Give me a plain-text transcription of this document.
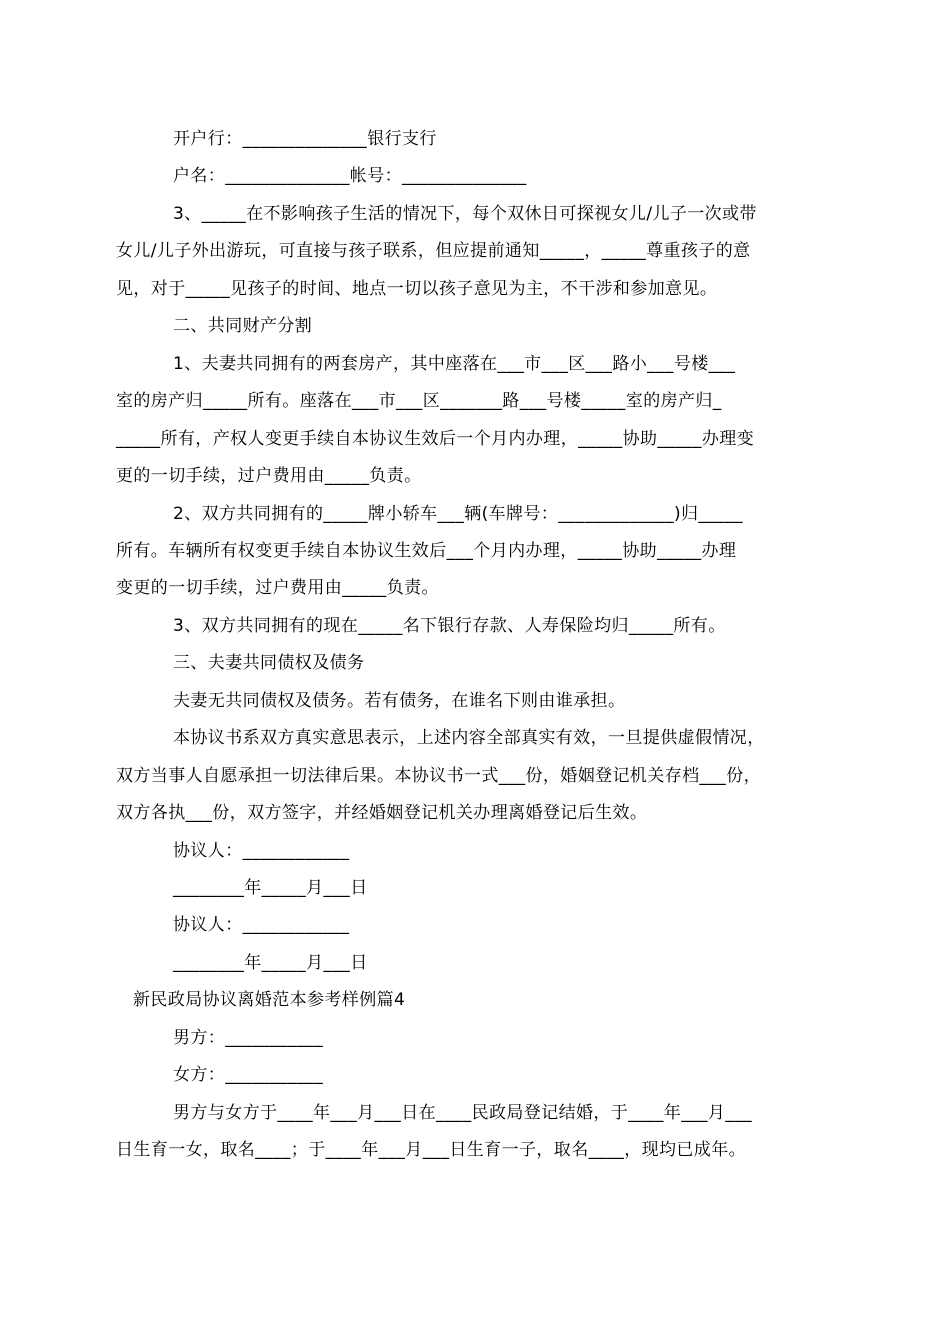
开户行：______________银行支行
户名：______________帐号：______________
3、_____在不影响孩子生活的情况下，每个双休日可探视女儿/儿子一次或带
女儿/儿子外出游玩，可直接与孩子联系，但应提前通知_____，_____尊重孩子的意
见，对于_____见孩子的时间、地点一切以孩子意见为主，不干涉和参加意见。
二、共同财产分割
1、夫妻共同拥有的两套房产，其中座落在___市___区___路小___号楼___
室的房产归_____所有。座落在___市___区_______路___号楼_____室的房产归_
_____所有，产权人变更手续自本协议生效后一个月内办理，_____协助_____办理变
更的一切手续，过户费用由_____负责。
2、双方共同拥有的_____牌小轿车___辆(车牌号：_____________)归_____
所有。车辆所有权变更手续自本协议生效后___个月内办理，_____协助_____办理
变更的一切手续，过户费用由_____负责。
3、双方共同拥有的现在_____名下银行存款、人寿保险均归_____所有。
三、夫妻共同债权及债务
夫妻无共同债权及债务。若有债务，在谁名下则由谁承担。
本协议书系双方真实意思表示，上述内容全部真实有效，一旦提供虚假情况，
双方当事人自愿承担一切法律后果。本协议书一式___份，婚姻登记机关存档___份，
双方各执___份，双方签字，并经婚姻登记机关办理离婚登记后生效。
协议人：____________
________年_____月___日
协议人：____________
________年_____月___日
新民政局协议离婚范本参考样例篇4
男方：___________
女方：___________
男方与女方于____年___月___日在____民政局登记结婚，于____年___月___
日生育一女，取名____；于____年___月___日生育一子，取名____，现均已成年。
